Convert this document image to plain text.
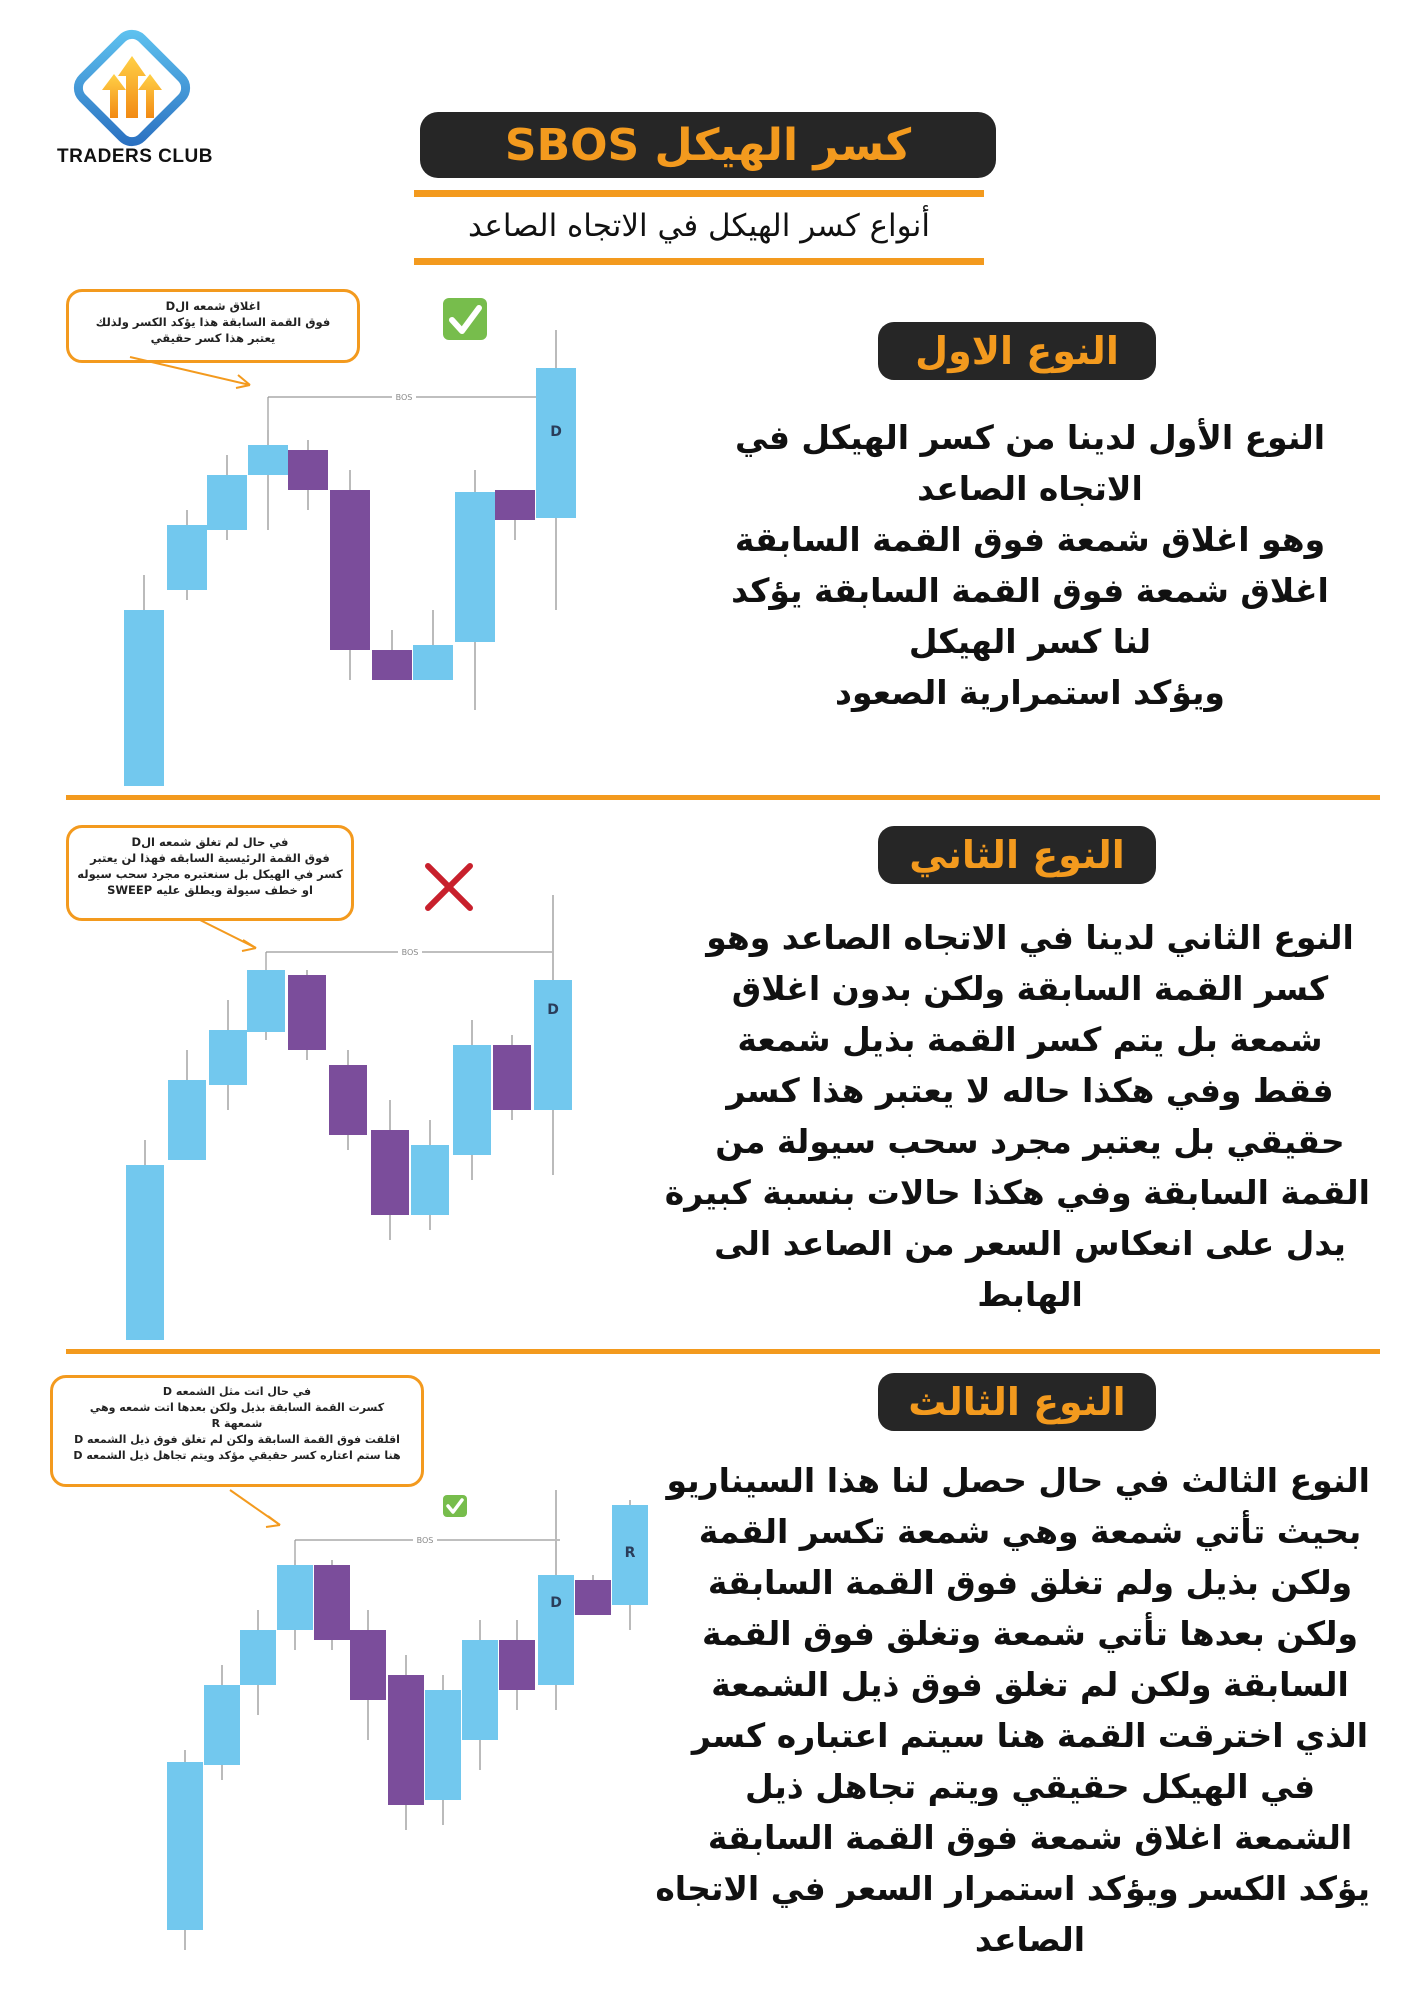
TRADERS CLUB	كسر الهيكل SBOS
أنواع كسر الهيكل في الاتجاه الصاعد
النوع الاول
النوع الأول لدينا من كسر الهيكل في
الاتجاه الصاعد
وهو اغلاق شمعة فوق القمة السابقة
اغلاق شمعة فوق القمة السابقة يؤكد
لنا كسر الهيكل
ويؤكد استمرارية الصعود
اغلاق شمعه الD
فوق القمة السابقة هذا يؤكد الكسر ولذلك
يعتبر هذا كسر حقيقي
BOS
D
النوع الثاني
النوع الثاني لدينا في الاتجاه الصاعد وهو
كسر القمة السابقة ولكن بدون اغلاق
شمعة بل يتم كسر القمة بذيل شمعة
فقط وفي هكذا حاله لا يعتبر هذا كسر
حقيقي بل يعتبر مجرد سحب سيولة من
القمة السابقة وفي هكذا حالات بنسبة كبيرة
يدل على انعكاس السعر من الصاعد الى
الهابط
في حال لم تغلق شمعه الD
فوق القمة الرئيسية السابقه فهذا لن يعتبر
كسر في الهيكل بل سنعتبره مجرد سحب سيوله
او خطف سيولة ويطلق عليه SWEEP
BOS
D
النوع الثالث
النوع الثالث في حال حصل لنا هذا السيناريو
بحيث تأتي شمعة وهي شمعة تكسر القمة
ولكن بذيل ولم تغلق فوق القمة السابقة
ولكن بعدها تأتي شمعة وتغلق فوق القمة
السابقة ولكن لم تغلق فوق ذيل الشمعة
الذي اخترقت القمة هنا سيتم اعتباره كسر
في الهيكل حقيقي ويتم تجاهل ذيل
الشمعة اغلاق شمعة فوق القمة السابقة
يؤكد الكسر ويؤكد استمرار السعر في الاتجاه
الصاعد
في حال اتت مثل الشمعه D
كسرت القمة السابقة بذيل ولكن بعدها اتت شمعه وهي
شمعهة R
اقلقت فوق القمة السابقة ولكن لم تغلق فوق ذيل الشمعه D
هنا ستم اعتاره كسر حقيقي مؤكد ويتم تجاهل ذيل الشمعه D
BOS
D
R
